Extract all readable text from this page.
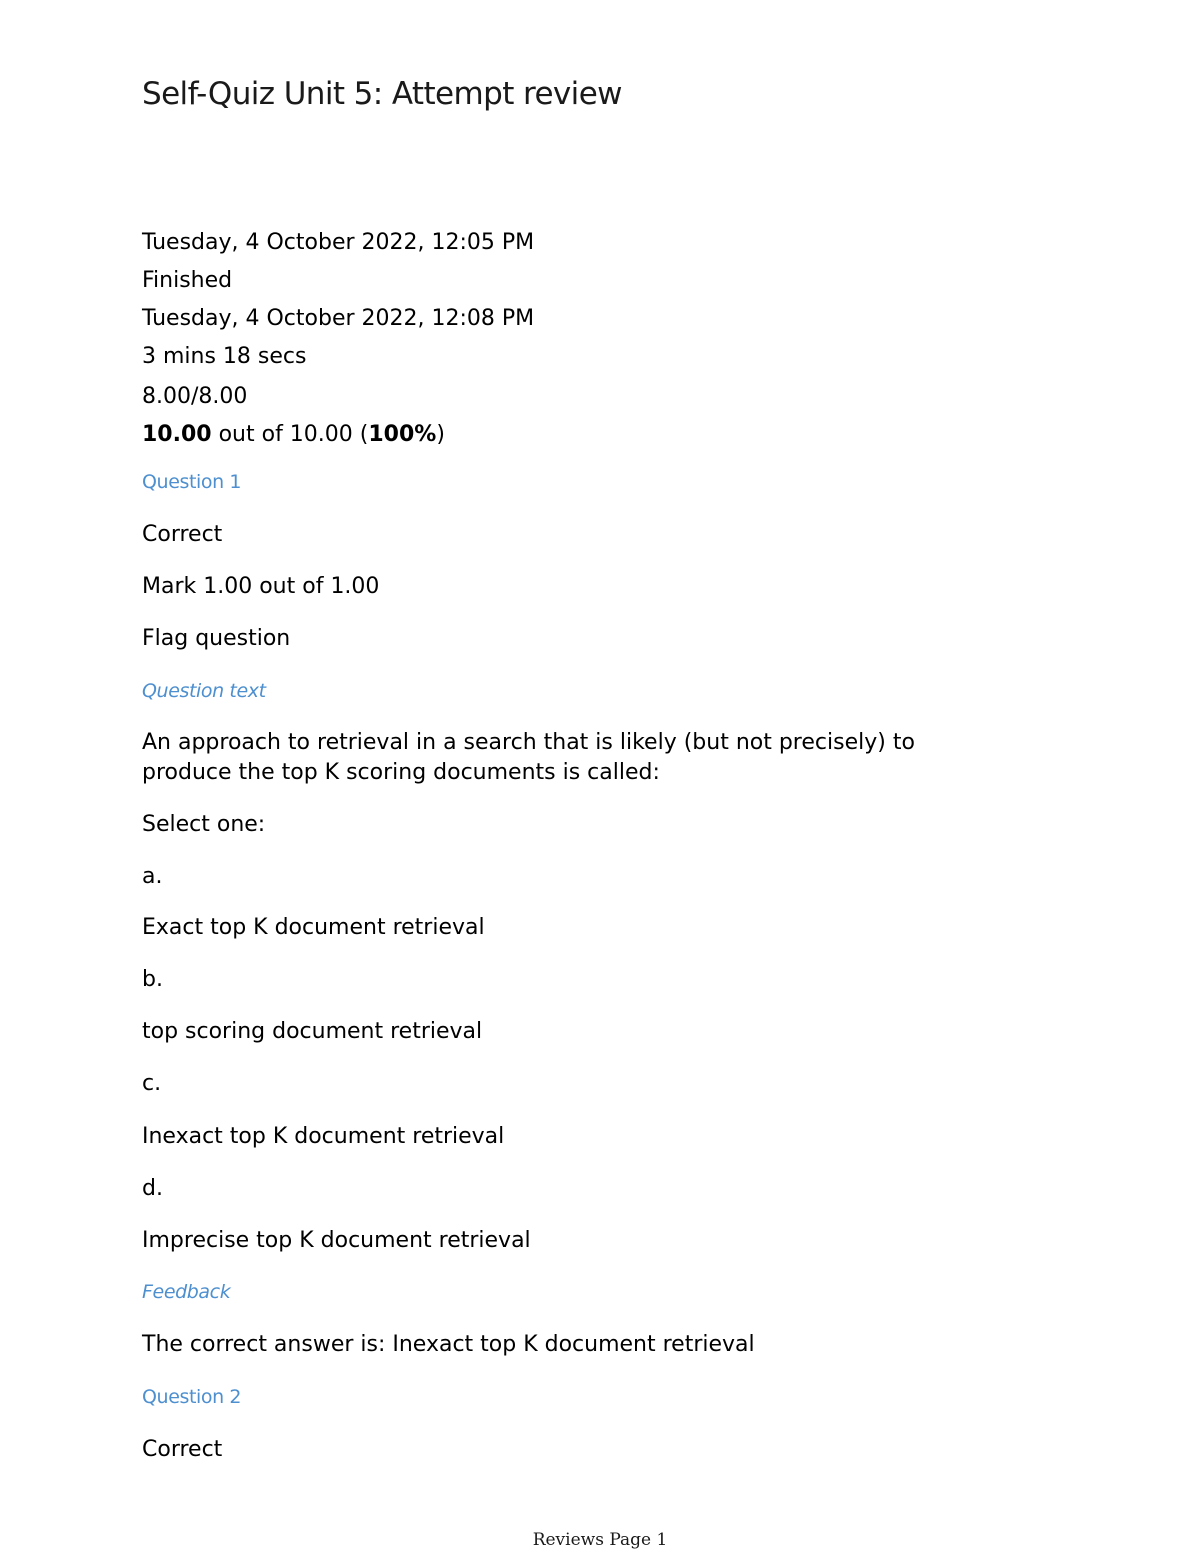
Self-Quiz Unit 5: Attempt review
Tuesday, 4 October 2022, 12:05 PM
Finished
Tuesday, 4 October 2022, 12:08 PM
3 mins 18 secs
8.00/8.00
10.00 out of 10.00 (100%)
Question 1
Correct
Mark 1.00 out of 1.00
Flag question
Question text
An approach to retrieval in a search that is likely (but not precisely) to produce the top K scoring documents is called:
Select one:
a.
Exact top K document retrieval
b.
top scoring document retrieval
c.
Inexact top K document retrieval
d.
Imprecise top K document retrieval
Feedback
The correct answer is: Inexact top K document retrieval
Question 2
Correct
Reviews Page 1
